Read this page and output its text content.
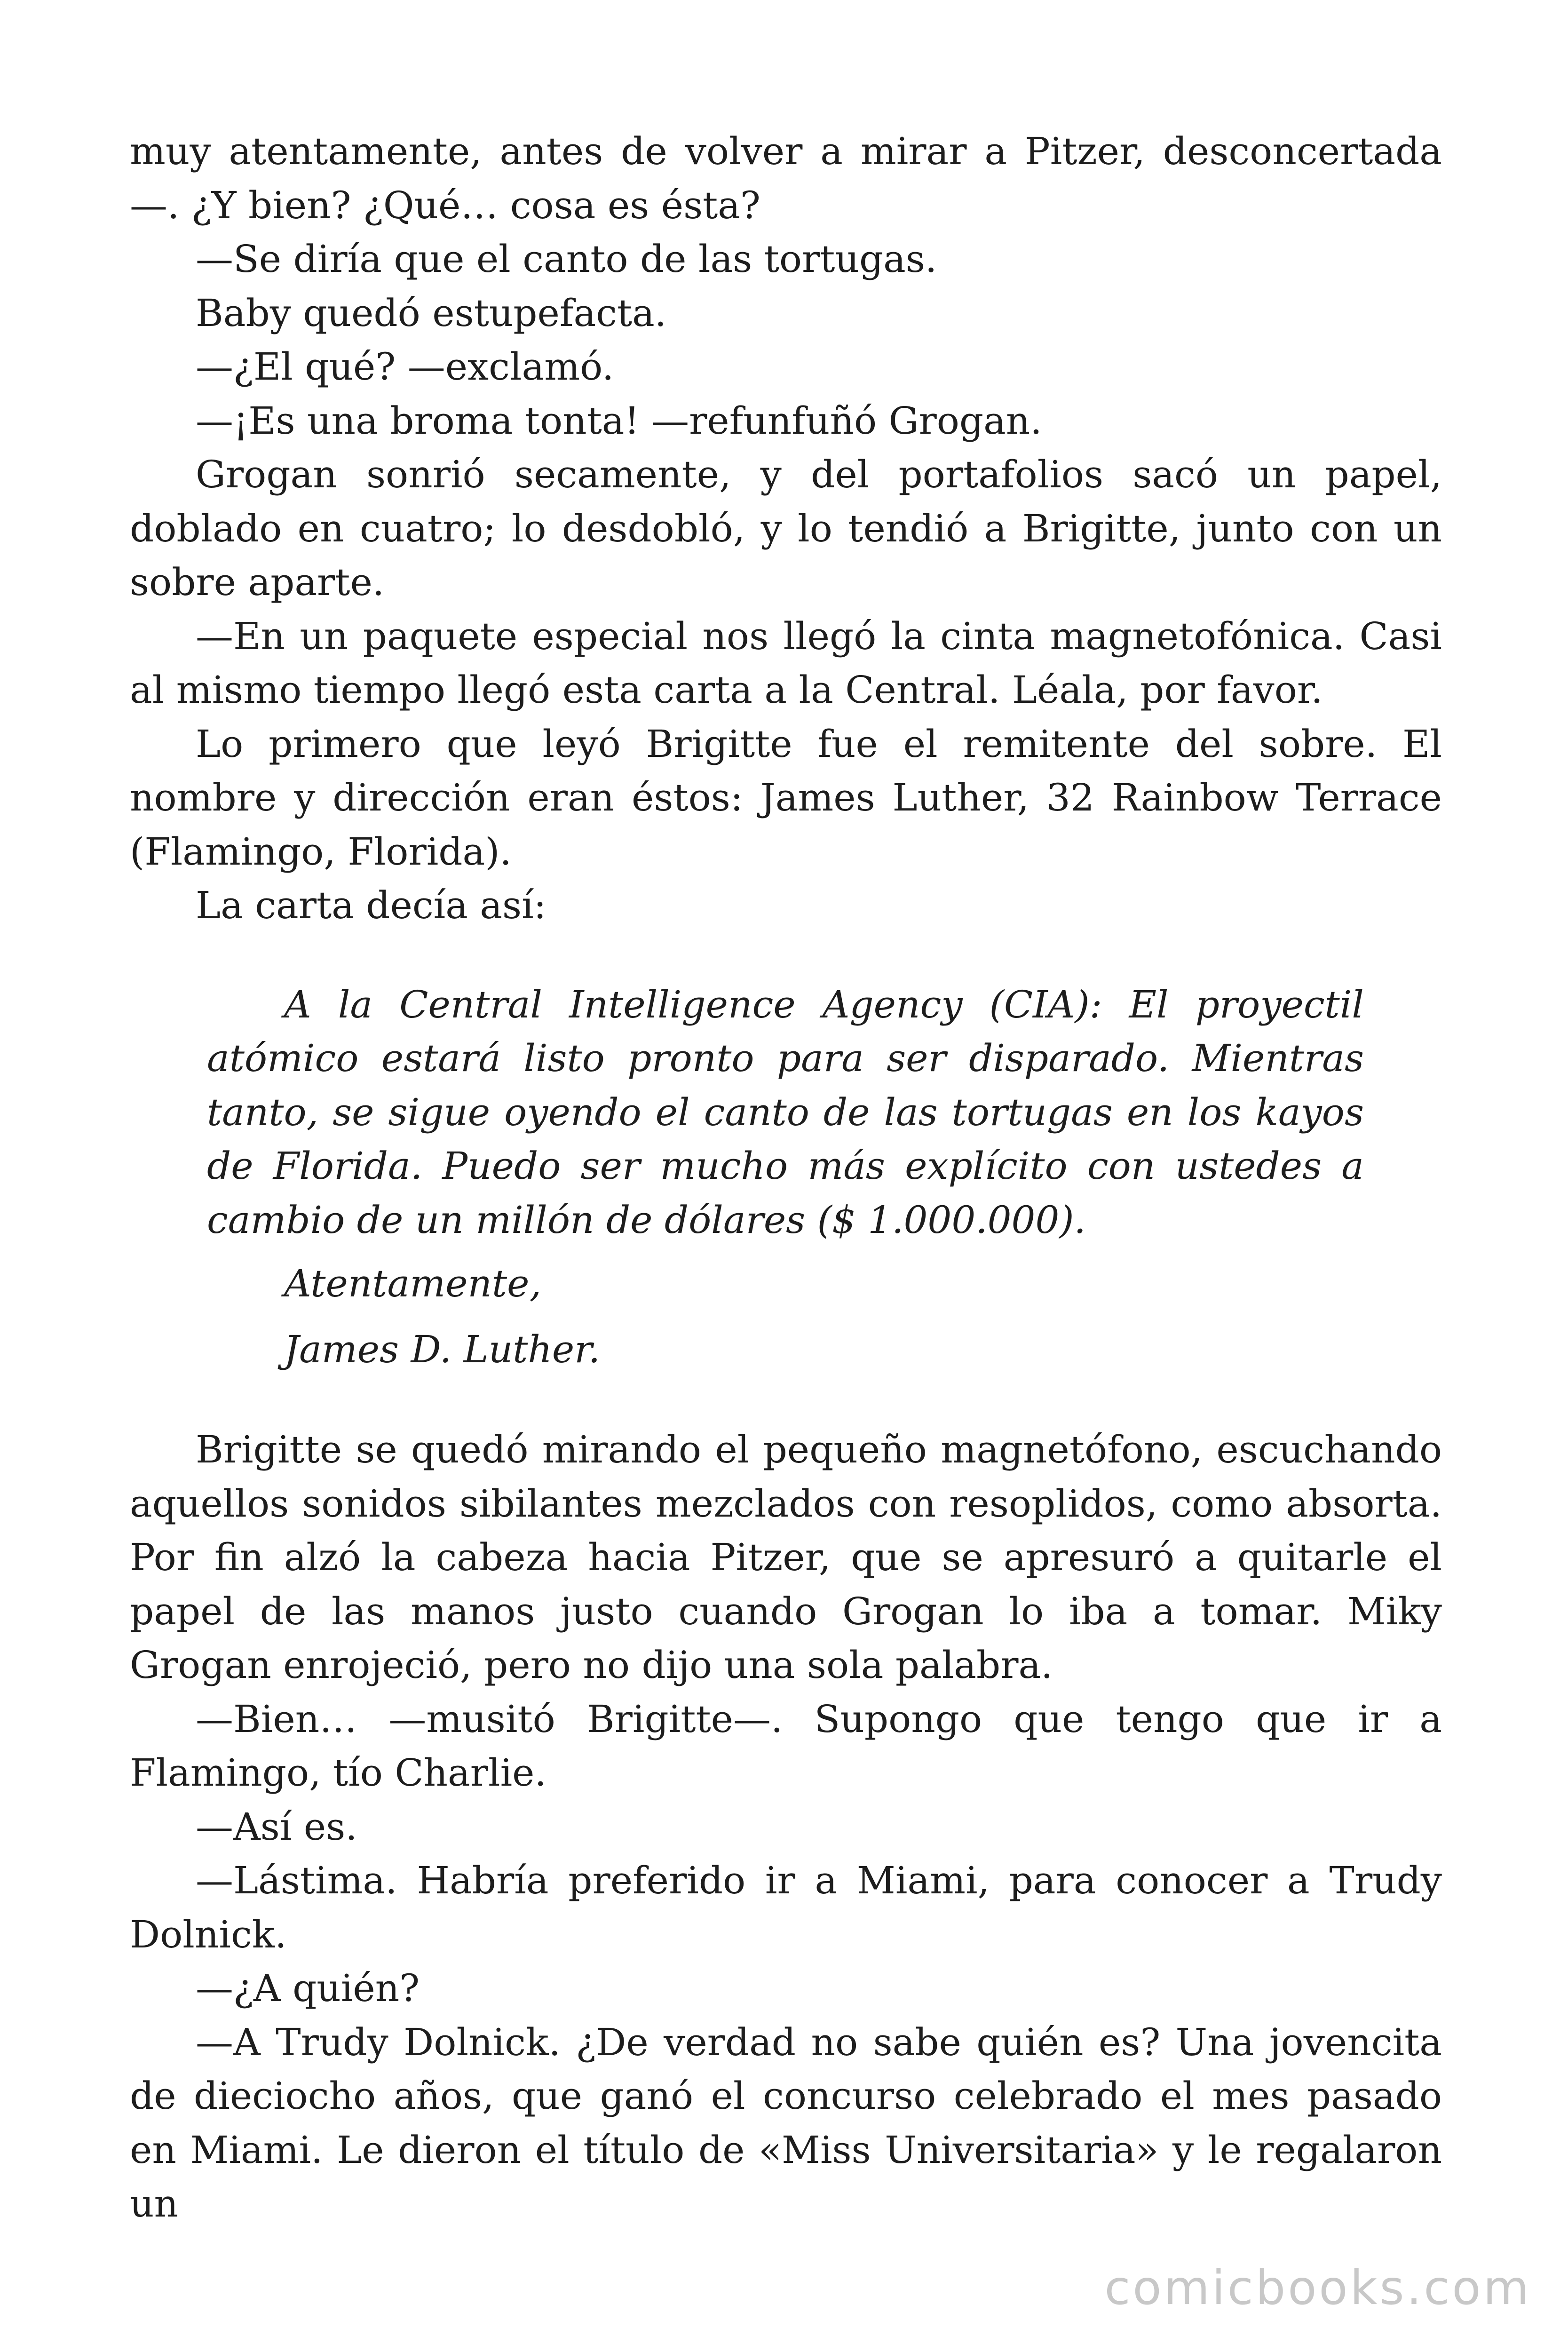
muy atentamente, antes de volver a mirar a Pitzer, desconcertada —. ¿Y bien? ¿Qué… cosa es ésta?

—Se diría que el canto de las tortugas.

Baby quedó estupefacta.

—¿El qué? —exclamó.

—¡Es una broma tonta! —refunfuñó Grogan.

Grogan sonrió secamente, y del portafolios sacó un papel, doblado en cuatro; lo desdobló, y lo tendió a Brigitte, junto con un sobre aparte.

—En un paquete especial nos llegó la cinta magnetofónica. Casi al mismo tiempo llegó esta carta a la Central. Léala, por favor.

Lo primero que leyó Brigitte fue el remitente del sobre. El nombre y dirección eran éstos: James Luther, 32 Rainbow Terrace (Flamingo, Florida).

La carta decía así:

A la Central Intelligence Agency (CIA): El proyectil atómico estará listo pronto para ser disparado. Mientras tanto, se sigue oyendo el canto de las tortugas en los kayos de Florida. Puedo ser mucho más explícito con ustedes a cambio de un millón de dólares ($ 1.000.000).

Atentamente,

James D. Luther.

Brigitte se quedó mirando el pequeño magnetófono, escuchando aquellos sonidos sibilantes mezclados con resoplidos, como absorta. Por fin alzó la cabeza hacia Pitzer, que se apresuró a quitarle el papel de las manos justo cuando Grogan lo iba a tomar. Miky Grogan enrojeció, pero no dijo una sola palabra.

—Bien… —musitó Brigitte—. Supongo que tengo que ir a Flamingo, tío Charlie.

—Así es.

—Lástima. Habría preferido ir a Miami, para conocer a Trudy Dolnick.

—¿A quién?

—A Trudy Dolnick. ¿De verdad no sabe quién es? Una jovencita de dieciocho años, que ganó el concurso celebrado el mes pasado en Miami. Le dieron el título de «Miss Universitaria» y le regalaron un

comicbooks.com
